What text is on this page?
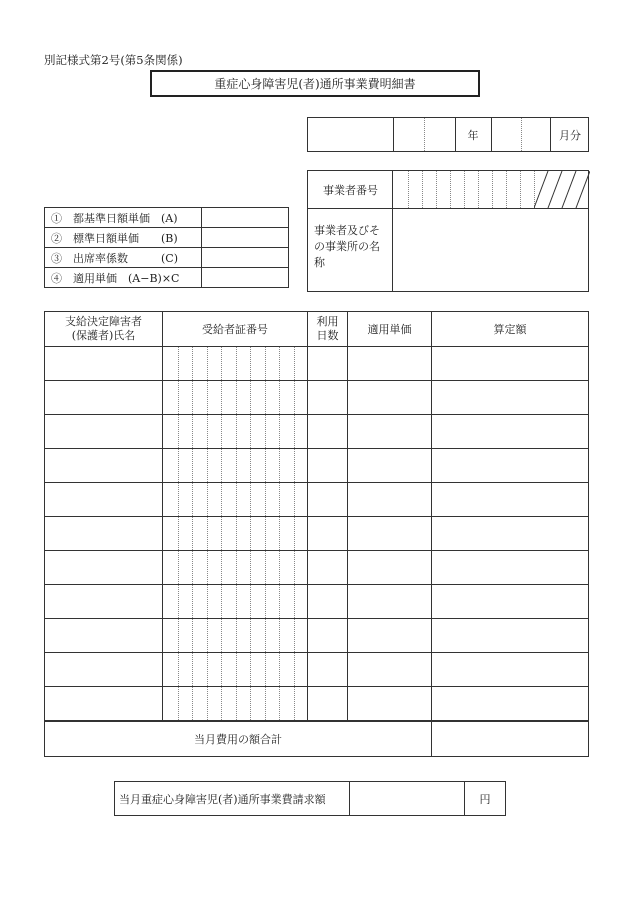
別記様式第2号(第5条関係)
重症心身障害児(者)通所事業費明細書
年	月分
事業者番号
事業者及びその事業所の名称
①　都基準日額単価　(A)	
②　標準日額単価　　(B)	
③　出席率係数　　　(C)	
④　適用単価　(A−B)×C	
支給決定障害者(保護者)氏名	受給者証番号	利用日数	適用単価	算定額

当月費用の額合計				
当月重症心身障害児(者)通所事業費請求額		円
